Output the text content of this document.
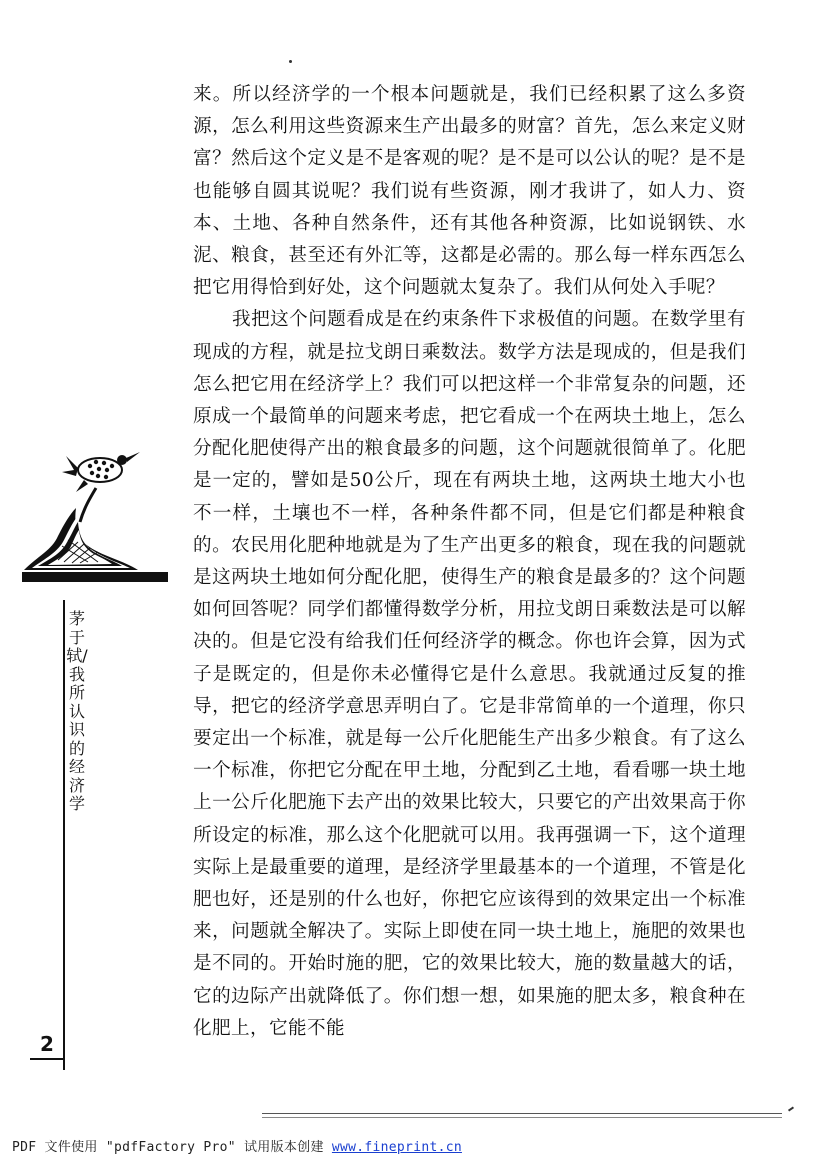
来。所以经济学的一个根本问题就是，我们已经积累了这么多资源，怎么利用这些资源来生产出最多的财富？首先，怎么来定义财富？然后这个定义是不是客观的呢？是不是可以公认的呢？是不是也能够自圆其说呢？我们说有些资源，刚才我讲了，如人力、资本、土地、各种自然条件，还有其他各种资源，比如说钢铁、水泥、粮食，甚至还有外汇等，这都是必需的。那么每一样东西怎么把它用得恰到好处，这个问题就太复杂了。我们从何处入手呢？

我把这个问题看成是在约束条件下求极值的问题。在数学里有现成的方程，就是拉戈朗日乘数法。数学方法是现成的，但是我们怎么把它用在经济学上？我们可以把这样一个非常复杂的问题，还原成一个最简单的问题来考虑，把它看成一个在两块土地上，怎么分配化肥使得产出的粮食最多的问题，这个问题就很简单了。化肥是一定的，譬如是50公斤，现在有两块土地，这两块土地大小也不一样，土壤也不一样，各种条件都不同，但是它们都是种粮食的。农民用化肥种地就是为了生产出更多的粮食，现在我的问题就是这两块土地如何分配化肥，使得生产的粮食是最多的？这个问题如何回答呢？同学们都懂得数学分析，用拉戈朗日乘数法是可以解决的。但是它没有给我们任何经济学的概念。你也许会算，因为式子是既定的，但是你未必懂得它是什么意思。我就通过反复的推导，把它的经济学意思弄明白了。它是非常简单的一个道理，你只要定出一个标准，就是每一公斤化肥能生产出多少粮食。有了这么一个标准，你把它分配在甲土地，分配到乙土地，看看哪一块土地上一公斤化肥施下去产出的效果比较大，只要它的产出效果高于你所设定的标准，那么这个化肥就可以用。我再强调一下，这个道理实际上是最重要的道理，是经济学里最基本的一个道理，不管是化肥也好，还是别的什么也好，你把它应该得到的效果定出一个标准来，问题就全解决了。实际上即使在同一块土地上，施肥的效果也是不同的。开始时施的肥，它的效果比较大，施的数量越大的话，它的边际产出就降低了。你们想一想，如果施的肥太多，粮食种在化肥上，它能不能

茅于轼/我所认识的经济学
2
PDF 文件使用 "pdfFactory Pro" 试用版本创建 www.fineprint.cn
